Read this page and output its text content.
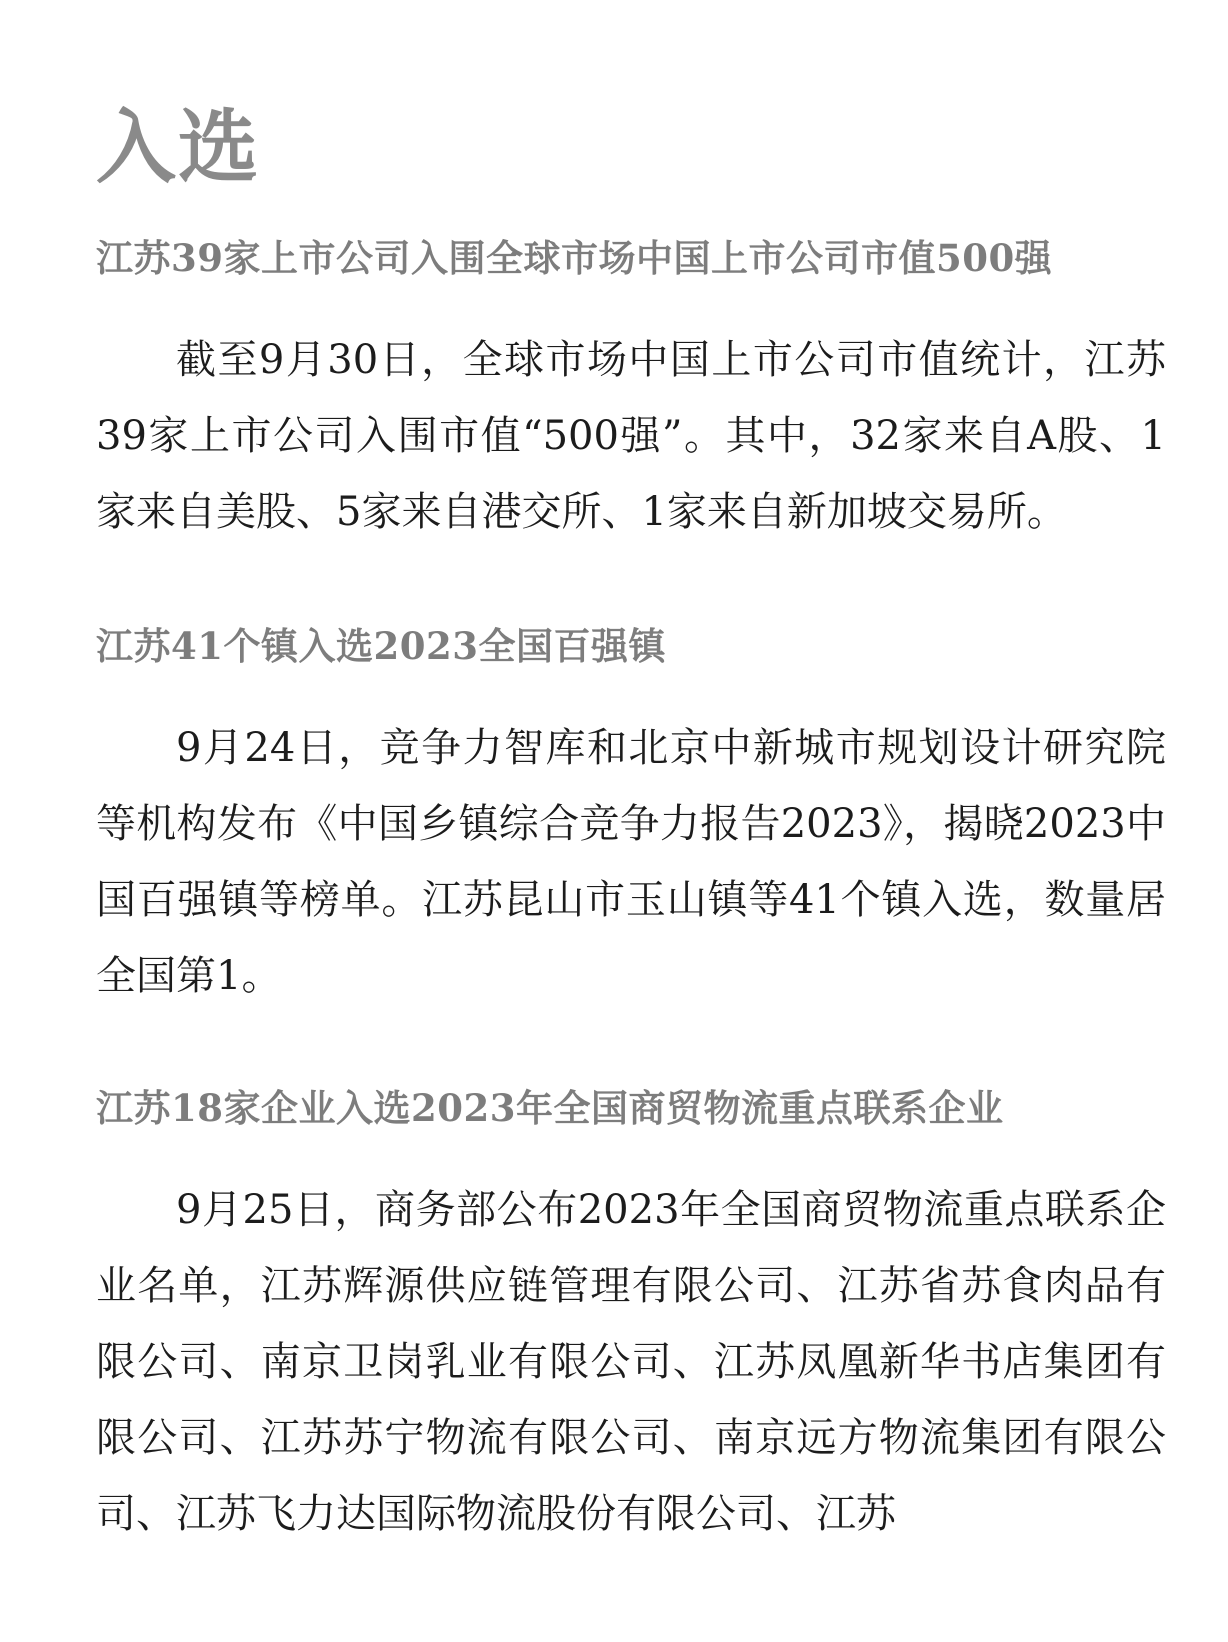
入选
江苏39家上市公司入围全球市场中国上市公司市值500强

截至9月30日，全球市场中国上市公司市值统计，江苏39家上市公司入围市值“500强”。其中，32家来自A股、1家来自美股、5家来自港交所、1家来自新加坡交易所。

江苏41个镇入选2023全国百强镇

9月24日，竞争力智库和北京中新城市规划设计研究院等机构发布《中国乡镇综合竞争力报告2023》，揭晓2023中国百强镇等榜单。江苏昆山市玉山镇等41个镇入选，数量居全国第1。

江苏18家企业入选2023年全国商贸物流重点联系企业

9月25日，商务部公布2023年全国商贸物流重点联系企业名单，江苏辉源供应链管理有限公司、江苏省苏食肉品有限公司、南京卫岗乳业有限公司、江苏凤凰新华书店集团有限公司、江苏苏宁物流有限公司、南京远方物流集团有限公司、江苏飞力达国际物流股份有限公司、江苏
